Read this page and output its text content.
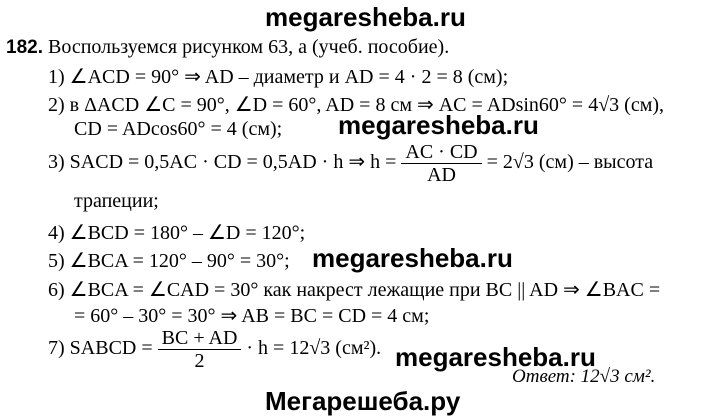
megaresheba.ru
182. Воспользуемся рисунком 63, а (учеб. пособие).
1) ∠ACD = 90° ⇒ AD – диаметр и AD = 4 · 2 = 8 (см);
2) в ΔACD ∠C = 90°, ∠D = 60°, AD = 8 см ⇒ AC = ADsin60° = 4√3 (см),
CD = ADcos60° = 4 (см); megaresheba.ru
3) SACD = 0,5AC · CD = 0,5AD · h ⇒ $h = \frac{AC \cdot CD}{AD} = 2√3$ (см) – высота
трапеции;
4) ∠BCD = 180° – ∠D = 120°;
5) ∠BCA = 120° – 90° = 30°; megaresheba.ru
6) ∠BCA = ∠CAD = 30° как накрест лежащие при BC || AD ⇒ ∠BAC =
= 60° – 30° = 30° ⇒ AB = BC = CD = 4 см;
7) SABCD = $\frac{BC + AD}{2} \cdot h = 12√3$ (см²). megaresheba.ru
Ответ: 12√3 см².
Мегарешеба.ру
